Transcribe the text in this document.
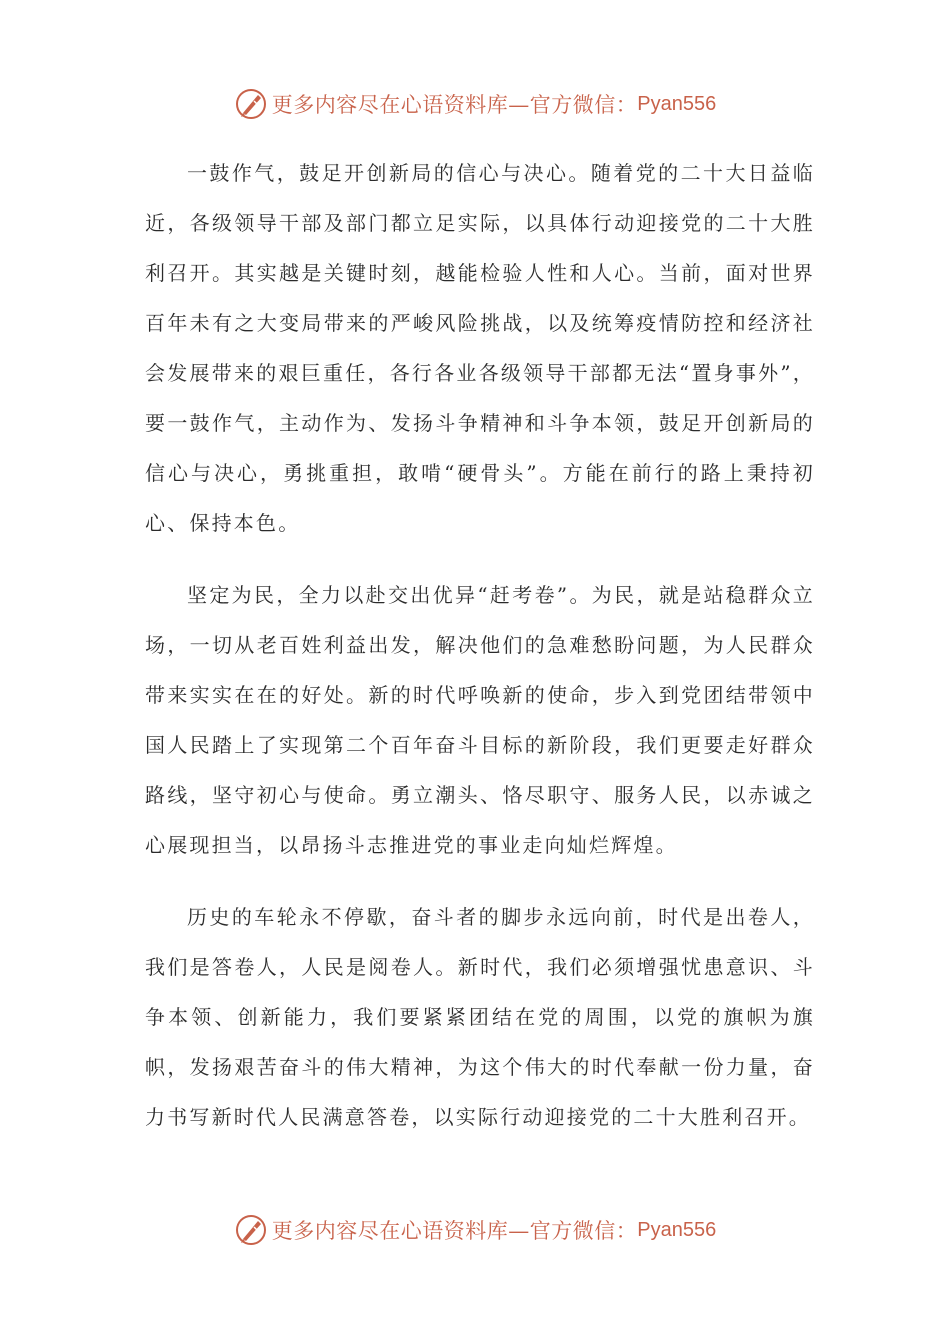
更多内容尽在心语资料库—官方微信： Pyan556

一鼓作气，鼓足开创新局的信心与决心。随着党的二十大日益临近，各级领导干部及部门都立足实际，以具体行动迎接党的二十大胜利召开。其实越是关键时刻，越能检验人性和人心。当前，面对世界百年未有之大变局带来的严峻风险挑战，以及统筹疫情防控和经济社会发展带来的艰巨重任，各行各业各级领导干部都无法“置身事外”，要一鼓作气，主动作为、发扬斗争精神和斗争本领，鼓足开创新局的信心与决心，勇挑重担，敢啃“硬骨头”。方能在前行的路上秉持初心、保持本色。

坚定为民，全力以赴交出优异“赶考卷”。为民，就是站稳群众立场，一切从老百姓利益出发，解决他们的急难愁盼问题，为人民群众带来实实在在的好处。新的时代呼唤新的使命，步入到党团结带领中国人民踏上了实现第二个百年奋斗目标的新阶段，我们更要走好群众路线，坚守初心与使命。勇立潮头、恪尽职守、服务人民，以赤诚之心展现担当，以昂扬斗志推进党的事业走向灿烂辉煌。

历史的车轮永不停歇，奋斗者的脚步永远向前，时代是出卷人，我们是答卷人，人民是阅卷人。新时代，我们必须增强忧患意识、斗争本领、创新能力，我们要紧紧团结在党的周围，以党的旗帜为旗帜，发扬艰苦奋斗的伟大精神，为这个伟大的时代奉献一份力量，奋力书写新时代人民满意答卷，以实际行动迎接党的二十大胜利召开。

更多内容尽在心语资料库—官方微信： Pyan556
